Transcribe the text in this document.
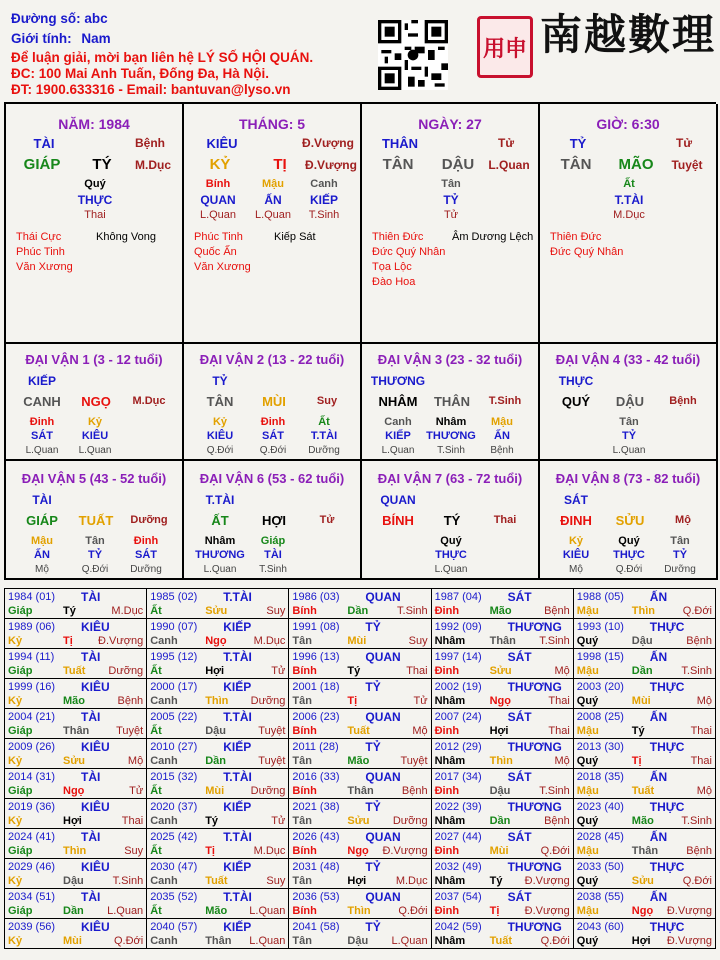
Đường số: abc
Giới tính: Nam
Để luận giải, mời bạn liên hệ LÝ SỐ HỘI QUÁN.
ĐC: 100 Mai Anh Tuấn, Đống Đa, Hà Nội.
ĐT: 1900.633316 - Email: bantuvan@lyso.vn
用申 南越數理
NĂM: 1984
TÀI	Bệnh
GIÁP	TÝ	M.Dục
Quý
THỰC
Thai
Thái Cực
Phúc Tinh
Văn Xương
Không Vong
THÁNG: 5
KIÊU	Đ.Vượng
KỶ	TỊ	Đ.Vượng
Bính
QUAN
L.Quan
Mậu
ẤN
L.Quan
Canh
KIẾP
T.Sinh
Phúc Tinh
Quốc Ấn
Văn Xương
Kiếp Sát
NGÀY: 27
THÂN	Tử
TÂN	DẬU	L.Quan
Tân
TỶ
Tử
Thiên Đức
Đức Quý Nhân
Tọa Lộc
Đào Hoa
Âm Dương Lệch
GIỜ: 6:30
TỶ	Tử
TÂN	MÃO	Tuyệt
Ất
T.TÀI
M.Dục
Thiên Đức
Đức Quý Nhân
ĐẠI VẬN 1 (3 - 12 tuổi)
KIẾP
CANH	NGỌ	M.Dục
Đinh
SÁT
L.Quan
Kỷ
KIÊU
L.Quan
ĐẠI VẬN 2 (13 - 22 tuổi)
TỶ
TÂN	MÙI	Suy
Kỷ
KIÊU
Q.Đới
Đinh
SÁT
Q.Đới
Ất
T.TÀI
Dưỡng
ĐẠI VẬN 3 (23 - 32 tuổi)
THƯƠNG
NHÂM	THÂN	T.Sinh
Canh
KIẾP
L.Quan
Nhâm
THƯƠNG
T.Sinh
Mậu
ẤN
Bệnh
ĐẠI VẬN 4 (33 - 42 tuổi)
THỰC
QUÝ	DẬU	Bệnh
Tân
TỶ
L.Quan
ĐẠI VẬN 5 (43 - 52 tuổi)
TÀI
GIÁP	TUẤT	Dưỡng
Mậu
ẤN
Mộ
Tân
TỶ
Q.Đới
Đinh
SÁT
Dưỡng
ĐẠI VẬN 6 (53 - 62 tuổi)
T.TÀI
ẤT	HỢI	Tử
Nhâm
THƯƠNG
L.Quan
Giáp
TÀI
T.Sinh
ĐẠI VẬN 7 (63 - 72 tuổi)
QUAN
BÍNH	TÝ	Thai
Quý
THỰC
L.Quan
ĐẠI VẬN 8 (73 - 82 tuổi)
SÁT
ĐINH	SỬU	Mộ
Kỷ
KIÊU
Mộ
Quý
THỰC
Q.Đới
Tân
TỶ
Dưỡng
1984 (01) TÀI
Giáp	Tý	M.Dục
1985 (02) T.TÀI
Ất	Sửu	Suy
1986 (03) QUAN
Bính	Dần	T.Sinh
1987 (04) SÁT
Đinh	Mão	Bệnh
1988 (05) ẤN
Mậu	Thìn	Q.Đới
1989 (06) KIÊU
Kỷ	Tị Đ.Vượng
1990 (07) KIẾP
Canh	Ngọ M.Dục
1991 (08) TỶ
Tân	Mùi	Suy
1992 (09) THƯƠNG
Nhâm Thân T.Sinh
1993 (10) THỰC
Quý	Dậu	Bệnh
1994 (11) TÀI
Giáp	Tuất Dưỡng
1995 (12) T.TÀI
Ất	Hợi	Tử
1996 (13) QUAN
Bính	Tý	Thai
1997 (14) SÁT
Đinh	Sửu	Mộ
1998 (15) ẤN
Mậu	Dần	T.Sinh
1999 (16) KIÊU
Kỷ	Mão	Bệnh
2000 (17) KIẾP
Canh	Thìn Dưỡng
2001 (18) TỶ
Tân	Tị	Tử
2002 (19) THƯƠNG
Nhâm Ngọ	Thai
2003 (20) THỰC
Quý	Mùi	Mộ
2004 (21) TÀI
Giáp	Thân Tuyệt
2005 (22) T.TÀI
Ất	Dậu	Tuyệt
2006 (23) QUAN
Bính	Tuất	Mộ
2007 (24) SÁT
Đinh	Hợi	Thai
2008 (25) ẤN
Mậu	Tý	Thai
2009 (26) KIÊU
Kỷ	Sửu	Mộ
2010 (27) KIẾP
Canh	Dần	Tuyệt
2011 (28) TỶ
Tân	Mão	Tuyệt
2012 (29) THƯƠNG
Nhâm Thìn	Mộ
2013 (30) THỰC
Quý	Tị	Thai
2014 (31) TÀI
Giáp	Ngọ	Tử
2015 (32) T.TÀI
Ất	Mùi Dưỡng
2016 (33) QUAN
Bính	Thân	Bệnh
2017 (34) SÁT
Đinh	Dậu	T.Sinh
2018 (35) ẤN
Mậu	Tuất	Mộ
2019 (36) KIÊU
Kỷ	Hợi	Thai
2020 (37) KIẾP
Canh	Tý	Tử
2021 (38) TỶ
Tân	Sửu Dưỡng
2022 (39) THƯƠNG
Nhâm Dần	Bệnh
2023 (40) THỰC
Quý	Mão	T.Sinh
2024 (41) TÀI
Giáp	Thìn	Suy
2025 (42) T.TÀI
Ất	Tị	M.Dục
2026 (43) QUAN
Bính	Ngọ Đ.Vượng
2027 (44) SÁT
Đinh	Mùi	Q.Đới
2028 (45) ẤN
Mậu	Thân	Bệnh
2029 (46) KIÊU
Kỷ	Dậu	T.Sinh
2030 (47) KIẾP
Canh	Tuất	Suy
2031 (48) TỶ
Tân	Hợi	M.Dục
2032 (49) THƯƠNG
Nhâm Tý Đ.Vượng
2033 (50) THỰC
Quý	Sửu	Q.Đới
2034 (51) TÀI
Giáp	Dần L.Quan
2035 (52) T.TÀI
Ất	Mão L.Quan
2036 (53) QUAN
Bính	Thìn	Q.Đới
2037 (54) SÁT
Đinh	Tị Đ.Vượng
2038 (55) ẤN
Mậu	Ngọ Đ.Vượng
2039 (56) KIÊU
Kỷ	Mùi	Q.Đới
2040 (57) KIẾP
Canh	Thân L.Quan
2041 (58) TỶ
Tân	Dậu L.Quan
2042 (59) THƯƠNG
Nhâm Tuất	Q.Đới
2043 (60) THỰC
Quý	Hợi Đ.Vượng
